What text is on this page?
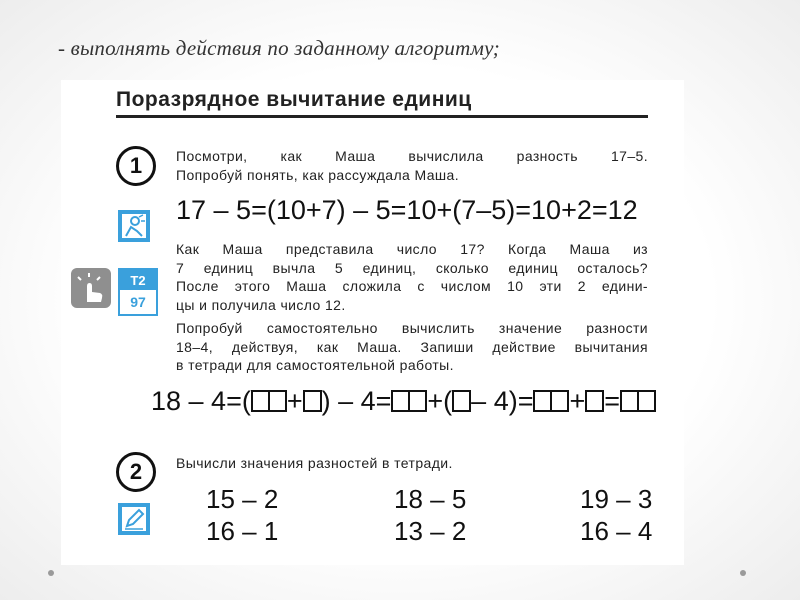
- выполнять действия по заданному алгоритму;
Поразрядное вычитание единиц
1	Посмотри, как Маша вычислила разность 17–5.
Попробуй понять, как рассуждала Маша.
17 – 5=(10+7) – 5=10+(7–5)=10+2=12
Т2
97
Как Маша представила число 17? Когда Маша из
7 единиц вычла 5 единиц, сколько единиц осталось?
После этого Маша сложила с числом 10 эти 2 едини-
цы и получила число 12.
Попробуй самостоятельно вычислить значение разности
18–4, действуя, как Маша. Запиши действие вычитания
в тетради для самостоятельной работы.
18 – 4=( + ) – 4= +( – 4)= + =
2	Вычисли значения разностей в тетради.
15 – 2	18 – 5	19 – 3
16 – 1	13 – 2	16 – 4
